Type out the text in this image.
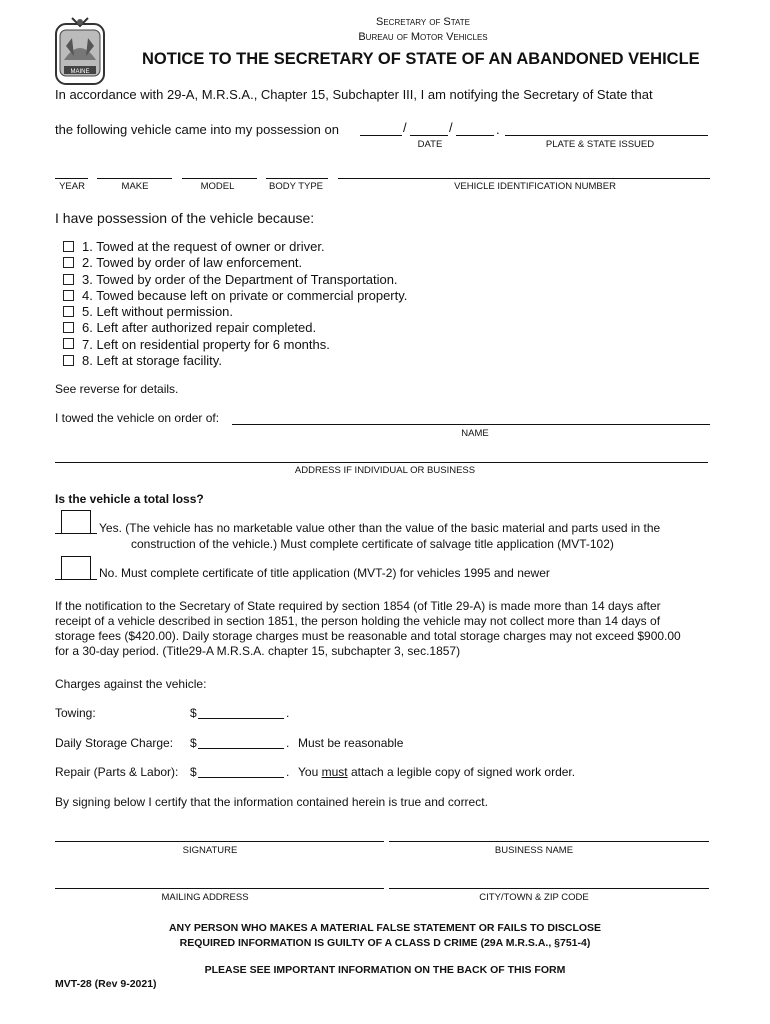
MAINE
Secretary of State
Bureau of Motor Vehicles
NOTICE TO THE SECRETARY OF STATE OF AN ABANDONED VEHICLE
In accordance with 29-A, M.R.S.A., Chapter 15, Subchapter III, I am notifying the Secretary of State that
the following vehicle came into my possession on	/	/	.
DATE	PLATE & STATE ISSUED
YEAR	MAKE	MODEL	BODY TYPE	VEHICLE IDENTIFICATION NUMBER
I have possession of the vehicle because:
1. Towed at the request of owner or driver.
2. Towed by order of law enforcement.
3. Towed by order of the Department of Transportation.
4. Towed because left on private or commercial property.
5. Left without permission.
6. Left after authorized repair completed.
7. Left on residential property for 6 months.
8. Left at storage facility.
See reverse for details.
I towed the vehicle on order of:
NAME
ADDRESS IF INDIVIDUAL OR BUSINESS
Is the vehicle a total loss?
Yes. (The vehicle has no marketable value other than the value of the basic material and parts used in the
construction of the vehicle.) Must complete certificate of salvage title application (MVT-102)
No. Must complete certificate of title application (MVT-2) for vehicles 1995 and newer
If the notification to the Secretary of State required by section 1854 (of Title 29-A) is made more than 14 days after
receipt of a vehicle described in section 1851, the person holding the vehicle may not collect more than 14 days of
storage fees ($420.00). Daily storage charges must be reasonable and total storage charges may not exceed $900.00
for a 30-day period. (Title29-A M.R.S.A. chapter 15, subchapter 3, sec.1857)
Charges against the vehicle:
Towing:	$	.
Daily Storage Charge: $	. Must be reasonable
Repair (Parts & Labor): $	. You must attach a legible copy of signed work order.
By signing below I certify that the information contained herein is true and correct.
SIGNATURE	BUSINESS NAME
MAILING ADDRESS	CITY/TOWN & ZIP CODE
ANY PERSON WHO MAKES A MATERIAL FALSE STATEMENT OR FAILS TO DISCLOSE
REQUIRED INFORMATION IS GUILTY OF A CLASS D CRIME (29A M.R.S.A., §751-4)
PLEASE SEE IMPORTANT INFORMATION ON THE BACK OF THIS FORM
MVT-28 (Rev 9-2021)
